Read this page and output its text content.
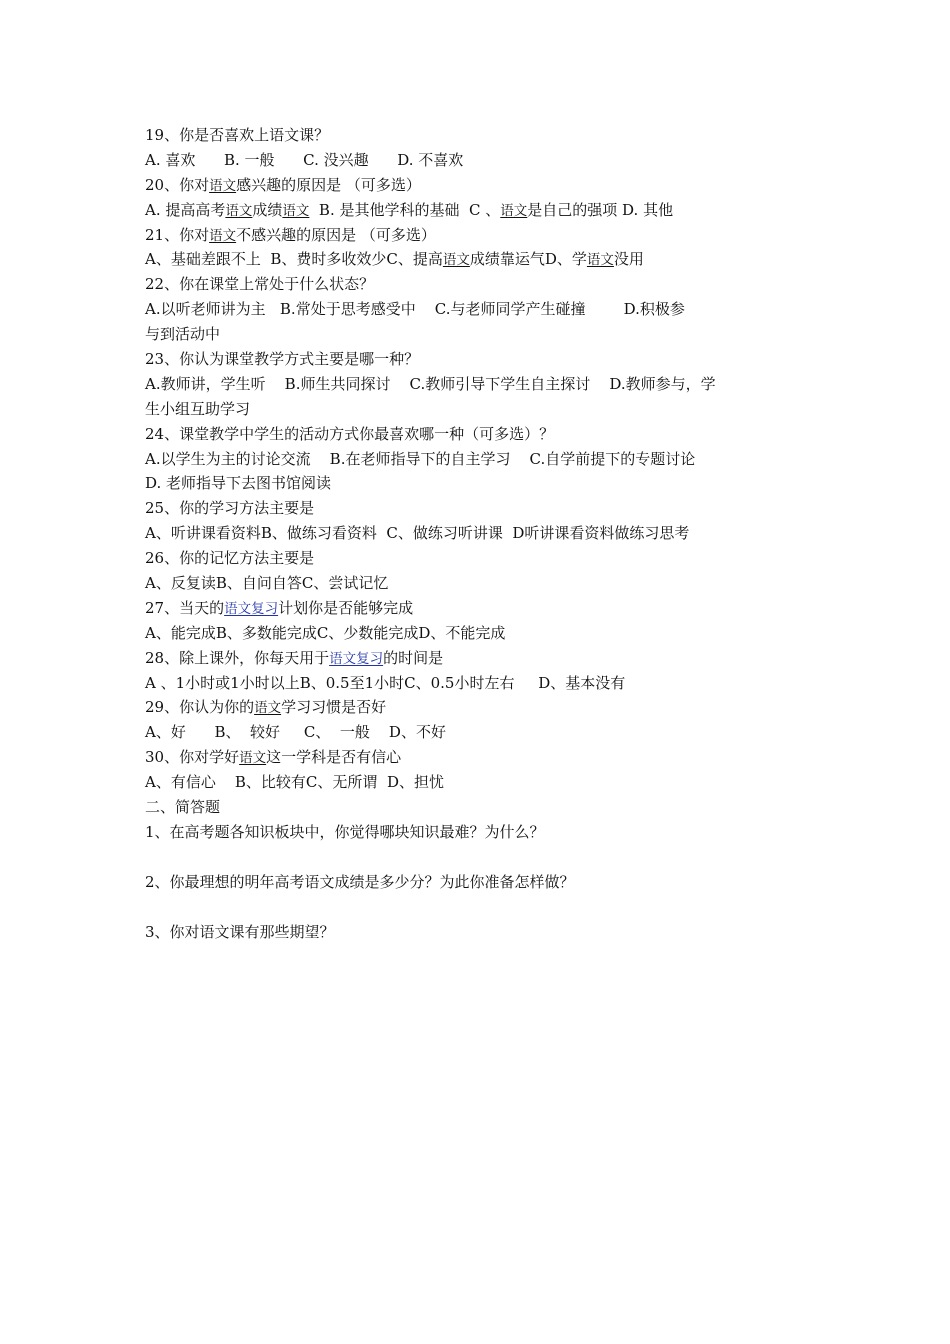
19、你是否喜欢上语文课？
A. 喜欢      B. 一般      C. 没兴趣      D. 不喜欢
20、你对语文感兴趣的原因是 （可多选）
A. 提高高考语文成绩语文  B. 是其他学科的基础  C 、语文是自己的强项 D. 其他
21、你对语文不感兴趣的原因是 （可多选）
A、基础差跟不上  B、费时多收效少C、提高语文成绩靠运气D、学语文没用
22、你在课堂上常处于什么状态？
A.以听老师讲为主   B.常处于思考感受中    C.与老师同学产生碰撞        D.积极参
与到活动中
23、你认为课堂教学方式主要是哪一种？
A.教师讲，学生听    B.师生共同探讨    C.教师引导下学生自主探讨    D.教师参与，学
生小组互助学习
24、课堂教学中学生的活动方式你最喜欢哪一种（可多选）？
A.以学生为主的讨论交流    B.在老师指导下的自主学习    C.自学前提下的专题讨论
D. 老师指导下去图书馆阅读
25、你的学习方法主要是
A、听讲课看资料B、做练习看资料  C、做练习听讲课  D听讲课看资料做练习思考
26、你的记忆方法主要是
A、反复读B、自问自答C、尝试记忆
27、当天的语文复习计划你是否能够完成
A、能完成B、多数能完成C、少数能完成D、不能完成
28、除上课外，你每天用于语文复习的时间是
A 、1小时或1小时以上B、0.5至1小时C、0.5小时左右     D、基本没有
29、你认为你的语文学习习惯是否好
A、好      B、  较好     C、  一般    D、不好
30、你对学好语文这一学科是否有信心
A、有信心    B、比较有C、无所谓  D、担忧
二、简答题
1、在高考题各知识板块中，你觉得哪块知识最难？为什么？
2、你最理想的明年高考语文成绩是多少分？为此你准备怎样做？
3、你对语文课有那些期望？
